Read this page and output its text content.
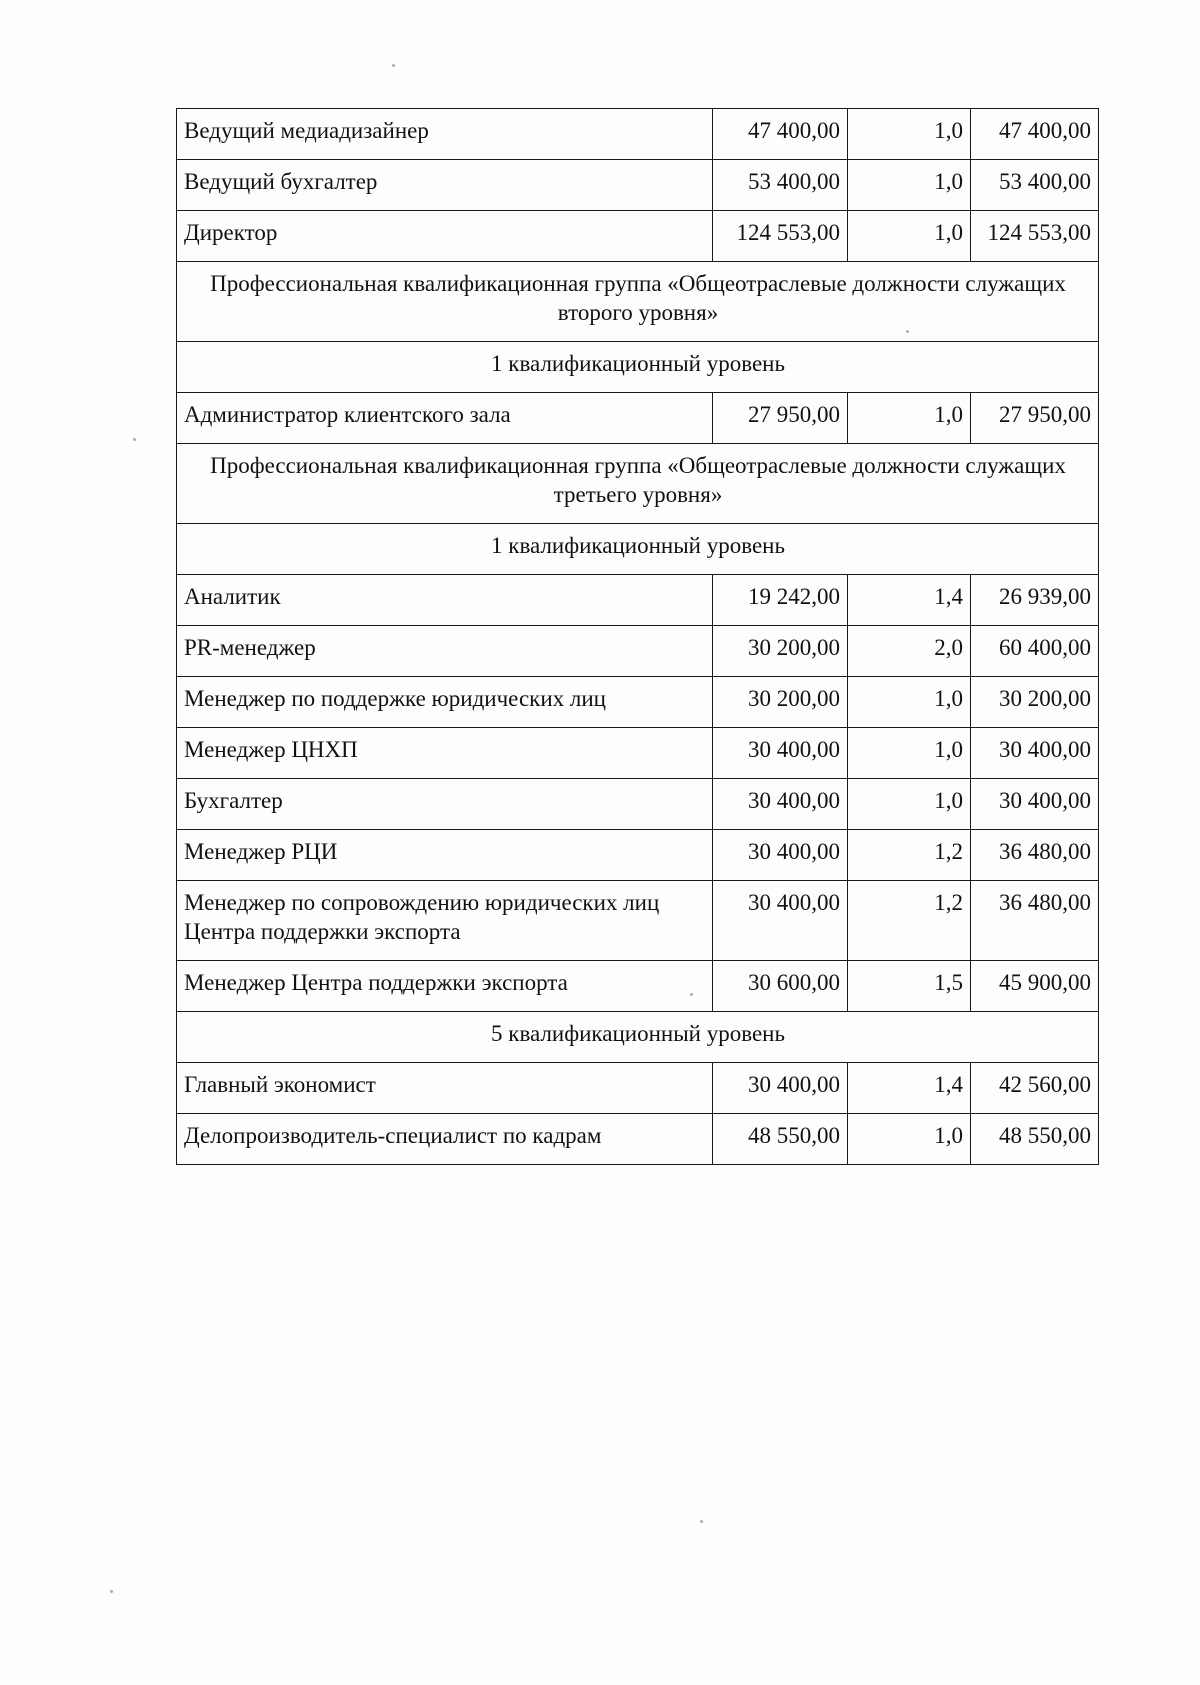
Ведущий медиадизайнер	47 400,00	1,0	47 400,00
Ведущий бухгалтер	53 400,00	1,0	53 400,00
Директор	124 553,00	1,0	124 553,00
Профессиональная квалификационная группа «Общеотраслевые должности служащих второго уровня»			
1 квалификационный уровень			
Администратор клиентского зала	27 950,00	1,0	27 950,00
Профессиональная квалификационная группа «Общеотраслевые должности служащих третьего уровня»			
1 квалификационный уровень			
Аналитик	19 242,00	1,4	26 939,00
PR-менеджер	30 200,00	2,0	60 400,00
Менеджер по поддержке юридических лиц	30 200,00	1,0	30 200,00
Менеджер ЦНХП	30 400,00	1,0	30 400,00
Бухгалтер	30 400,00	1,0	30 400,00
Менеджер РЦИ	30 400,00	1,2	36 480,00
Менеджер по сопровождению юридических лиц Центра поддержки экспорта	30 400,00	1,2	36 480,00
Менеджер Центра поддержки экспорта	30 600,00	1,5	45 900,00
5 квалификационный уровень			
Главный экономист	30 400,00	1,4	42 560,00
Делопроизводитель-специалист по кадрам	48 550,00	1,0	48 550,00
